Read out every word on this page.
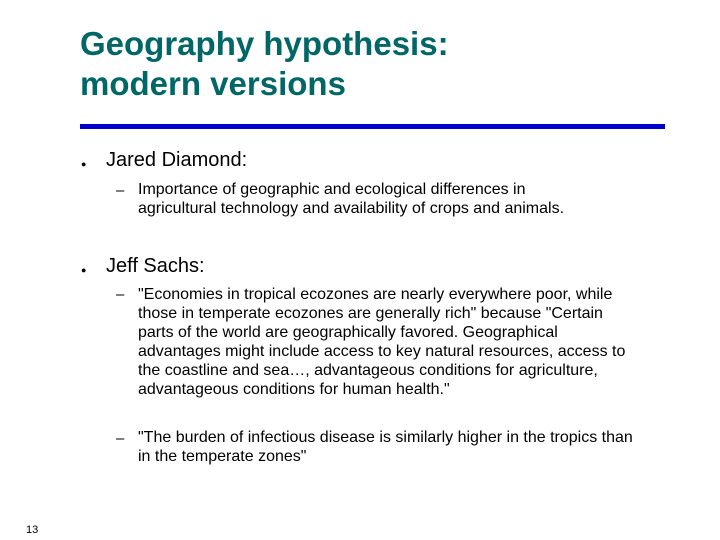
Geography hypothesis:
modern versions
● Jared Diamond:
– Importance of geographic and ecological differences in
agricultural technology and availability of crops and animals.
● Jeff Sachs:
– "Economies in tropical ecozones are nearly everywhere poor, while
those in temperate ecozones are generally rich" because "Certain
parts of the world are geographically favored. Geographical
advantages might include access to key natural resources, access to
the coastline and sea…, advantageous conditions for agriculture,
advantageous conditions for human health."
– "The burden of infectious disease is similarly higher in the tropics than
in the temperate zones"
13
